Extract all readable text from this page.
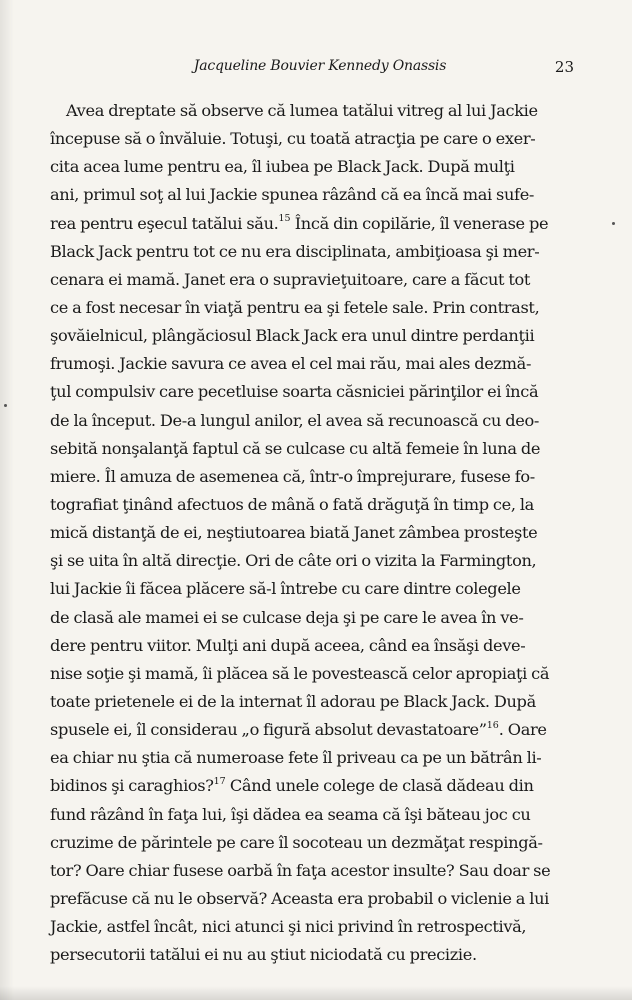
Jacqueline Bouvier Kennedy Onassis	23
Avea dreptate să observe că lumea tatălui vitreg al lui Jackie
începuse să o învăluie. Totuşi, cu toată atracţia pe care o exer-
cita acea lume pentru ea, îl iubea pe Black Jack. După mulţi
ani, primul soţ al lui Jackie spunea râzând că ea încă mai sufe-
rea pentru eşecul tatălui său.$^{15}$ Încă din copilărie, îl venerase pe
Black Jack pentru tot ce nu era disciplinata, ambiţioasa şi mer-
cenara ei mamă. Janet era o supravieţuitoare, care a făcut tot
ce a fost necesar în viaţă pentru ea şi fetele sale. Prin contrast,
şovăielnicul, plângăciosul Black Jack era unul dintre perdanţii
frumoşi. Jackie savura ce avea el cel mai rău, mai ales dezmă-
ţul compulsiv care pecetluise soarta căsniciei părinţilor ei încă
de la început. De-a lungul anilor, el avea să recunoască cu deo-
sebită nonşalanţă faptul că se culcase cu altă femeie în luna de
miere. Îl amuza de asemenea că, într-o împrejurare, fusese fo-
tografiat ţinând afectuos de mână o fată drăguţă în timp ce, la
mică distanţă de ei, neştiutoarea biată Janet zâmbea prosteşte
şi se uita în altă direcţie. Ori de câte ori o vizita la Farmington,
lui Jackie îi făcea plăcere să-l întrebe cu care dintre colegele
de clasă ale mamei ei se culcase deja şi pe care le avea în ve-
dere pentru viitor. Mulţi ani după aceea, când ea însăşi deve-
nise soţie şi mamă, îi plăcea să le povestească celor apropiaţi că
toate prietenele ei de la internat îl adorau pe Black Jack. După
spusele ei, îl considerau „o figură absolut devastatoare”$^{16}$. Oare
ea chiar nu ştia că numeroase fete îl priveau ca pe un bătrân li-
bidinos şi caraghios?$^{17}$ Când unele colege de clasă dădeau din
fund râzând în faţa lui, îşi dădea ea seama că îşi băteau joc cu
cruzime de părintele pe care îl socoteau un dezmăţat respingă-
tor? Oare chiar fusese oarbă în faţa acestor insulte? Sau doar se
prefăcuse că nu le observă? Aceasta era probabil o viclenie a lui
Jackie, astfel încât, nici atunci şi nici privind în retrospectivă,
persecutorii tatălui ei nu au ştiut niciodată cu precizie.
